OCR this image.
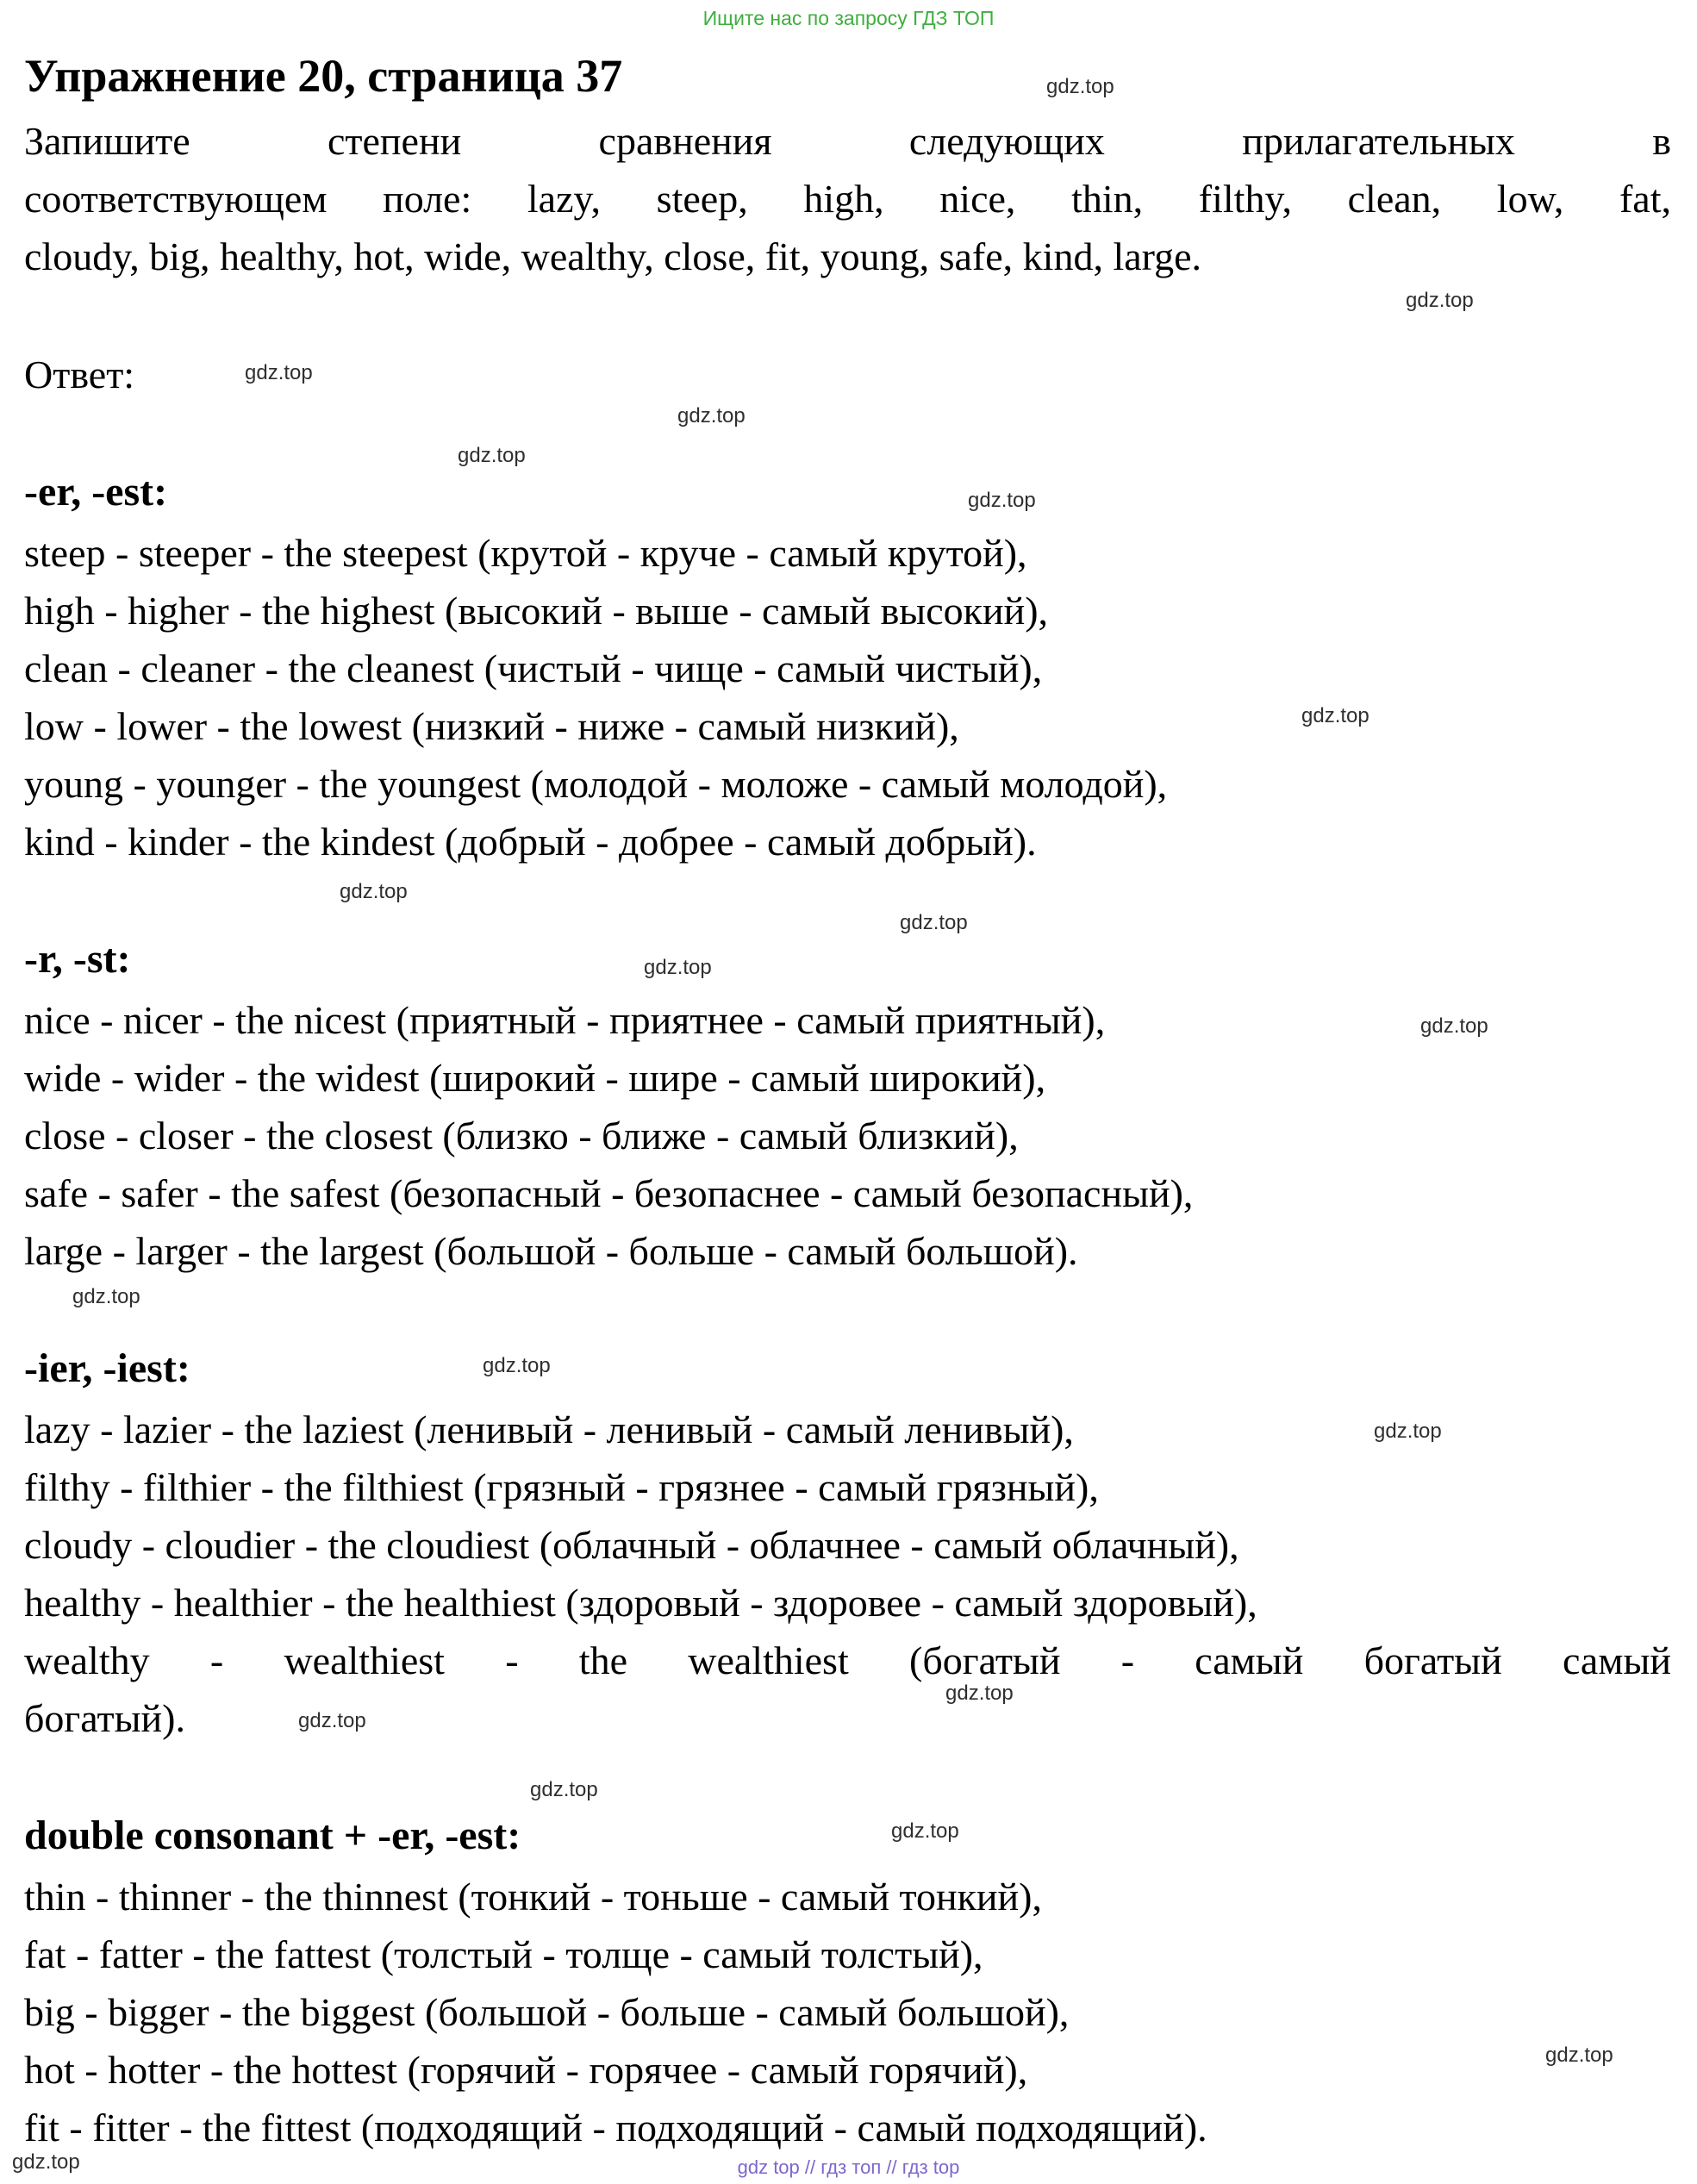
Ищите нас по запросу ГДЗ ТОП
Упражнение 20, страница 37
Запишите степени сравнения следующих прилагательных в
соответствующем поле: lazy, steep, high, nice, thin, filthy, clean, low, fat,
cloudy, big, healthy, hot, wide, wealthy, close, fit, young, safe, kind, large.
Ответ:
-er, -est:
steep - steeper - the steepest (крутой - круче - самый крутой),
high - higher - the highest (высокий - выше - самый высокий),
clean - cleaner - the cleanest (чистый - чище - самый чистый),
low - lower - the lowest (низкий - ниже - самый низкий),
young - younger - the youngest (молодой - моложе - самый молодой),
kind - kinder - the kindest (добрый - добрее - самый добрый).
-r, -st:
nice - nicer - the nicest (приятный - приятнее - самый приятный),
wide - wider - the widest (широкий - шире - самый широкий),
close - closer - the closest (близко - ближе - самый близкий),
safe - safer - the safest (безопасный - безопаснее - самый безопасный),
large - larger - the largest (большой - больше - самый большой).
-ier, -iest:
lazy - lazier - the laziest (ленивый - ленивый - самый ленивый),
filthy - filthier - the filthiest (грязный - грязнее - самый грязный),
cloudy - cloudier - the cloudiest (облачный - облачнее - самый облачный),
healthy - healthier - the healthiest (здоровый - здоровее - самый здоровый),
wealthy - wealthiest - the wealthiest (богатый - самый богатый самый
богатый).
double consonant + -er, -est:
thin - thinner - the thinnest (тонкий - тоньше - самый тонкий),
fat - fatter - the fattest (толстый - толще - самый толстый),
big - bigger - the biggest (большой - больше - самый большой),
hot - hotter - the hottest (горячий - горячее - самый горячий),
fit - fitter - the fittest (подходящий - подходящий - самый подходящий).
gdz top // гдз топ // гдз top
gdz.top
gdz.top
gdz.top
gdz.top
gdz.top
gdz.top
gdz.top
gdz.top
gdz.top
gdz.top
gdz.top
gdz.top
gdz.top
gdz.top
gdz.top
gdz.top
gdz.top
gdz.top
gdz.top
gdz.top
